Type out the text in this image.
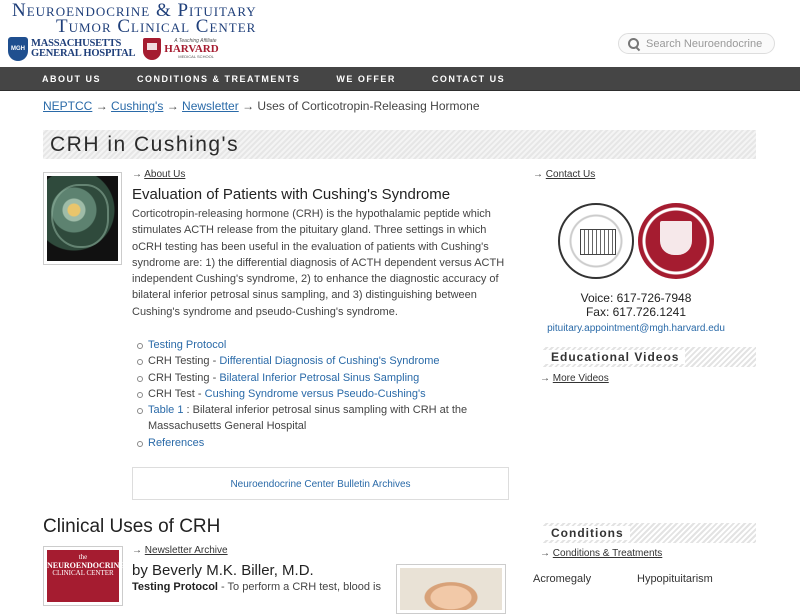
Neuroendocrine & Pituitary
Tumor Clinical Center
MGH MASSACHUSETTS
GENERAL HOSPITAL
A Teaching Affiliate
HARVARD
MEDICAL SCHOOL
Search Neuroendocrine
ABOUT US	CONDITIONS & TREATMENTS	WE OFFER	CONTACT US
NEPTCC → Cushing's → Newsletter → Uses of Corticotropin-Releasing Hormone
CRH in Cushing's
→ About Us
Evaluation of Patients with Cushing's Syndrome

Corticotropin-releasing hormone (CRH) is the hypothalamic peptide which stimulates ACTH release from the pituitary gland. Three settings in which oCRH testing has been useful in the evaluation of patients with Cushing's syndrome are: 1) the differential diagnosis of ACTH dependent versus ACTH independent Cushing's syndrome, 2) to enhance the diagnostic accuracy of bilateral inferior petrosal sinus sampling, and 3) distinguishing between Cushing's syndrome and pseudo-Cushing's syndrome.

Testing Protocol
CRH Testing - Differential Diagnosis of Cushing's Syndrome
CRH Testing - Bilateral Inferior Petrosal Sinus Sampling
CRH Test - Cushing Syndrome versus Pseudo-Cushing's
Table 1 : Bilateral inferior petrosal sinus sampling with CRH at the Massachusetts General Hospital
References
Neuroendocrine Center Bulletin Archives
Clinical Uses of CRH
the
NEUROENDOCRINE
CLINICAL CENTER
→ Newsletter Archive
by Beverly M.K. Biller, M.D.
Testing Protocol - To perform a CRH test, blood is
→ Contact Us
Voice: 617-726-7948
Fax: 617.726.1241
pituitary.appointment@mgh.harvard.edu
Educational Videos
→ More Videos
Conditions
→ Conditions & Treatments
Acromegaly	Hypopituitarism
